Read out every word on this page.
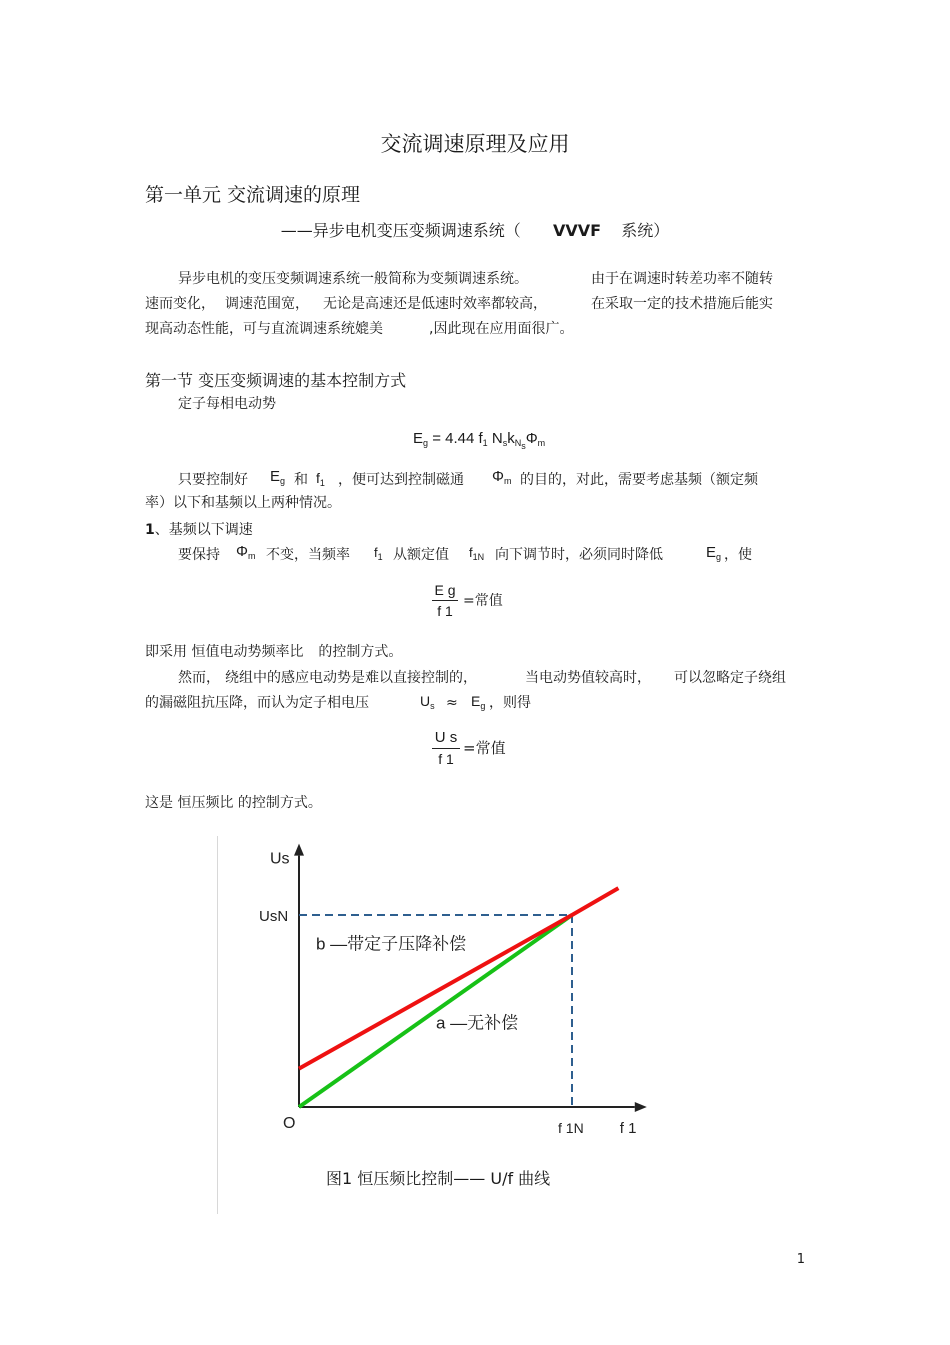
交流调速原理及应用
第一单元 交流调速的原理
——异步电机变压变频调速系统（ VVVF 系统）
异步电机的变压变频调速系统一般简称为变频调速系统。	由于在调速时转差功率不随转
速而变化， 调速范围宽， 无论是高速还是低速时效率都较高，	在采取一定的技术措施后能实
现高动态性能，可与直流调速系统媲美	,因此现在应用面很广。
第一节 变压变频调速的基本控制方式
定子每相电动势
$E_g = 4.44$ $f_1$ $N_sk_{N_s}\Phi_m$
只要控制好 $E_g$ 和 $f_1$ ，便可达到控制磁通 $\Phi_m$ 的目的，对此，需要考虑基频（额定频
率）以下和基频以上两种情况。
1、基频以下调速
要保持 $\Phi_m$ 不变，当频率 $f_1$ 从额定值 $f_{1N}$ 向下调节时，必须同时降低	$E_g$ ，使
E g
f 1
=常值
即采用 恒值电动势频率比 的控制方式。
然而， 绕组中的感应电动势是难以直接控制的，	当电动势值较高时， 可以忽略定子绕组
的漏磁阻抗压降，而认为定子相电压	$U_s \approx E_g$ ，则得
U s
f 1
=常值
这是 恒压频比 的控制方式。
Us
UsN
O	f 1N f 1
b —带定子压降补偿
a —无补偿
图1 恒压频比控制—— U/f 曲线
1
